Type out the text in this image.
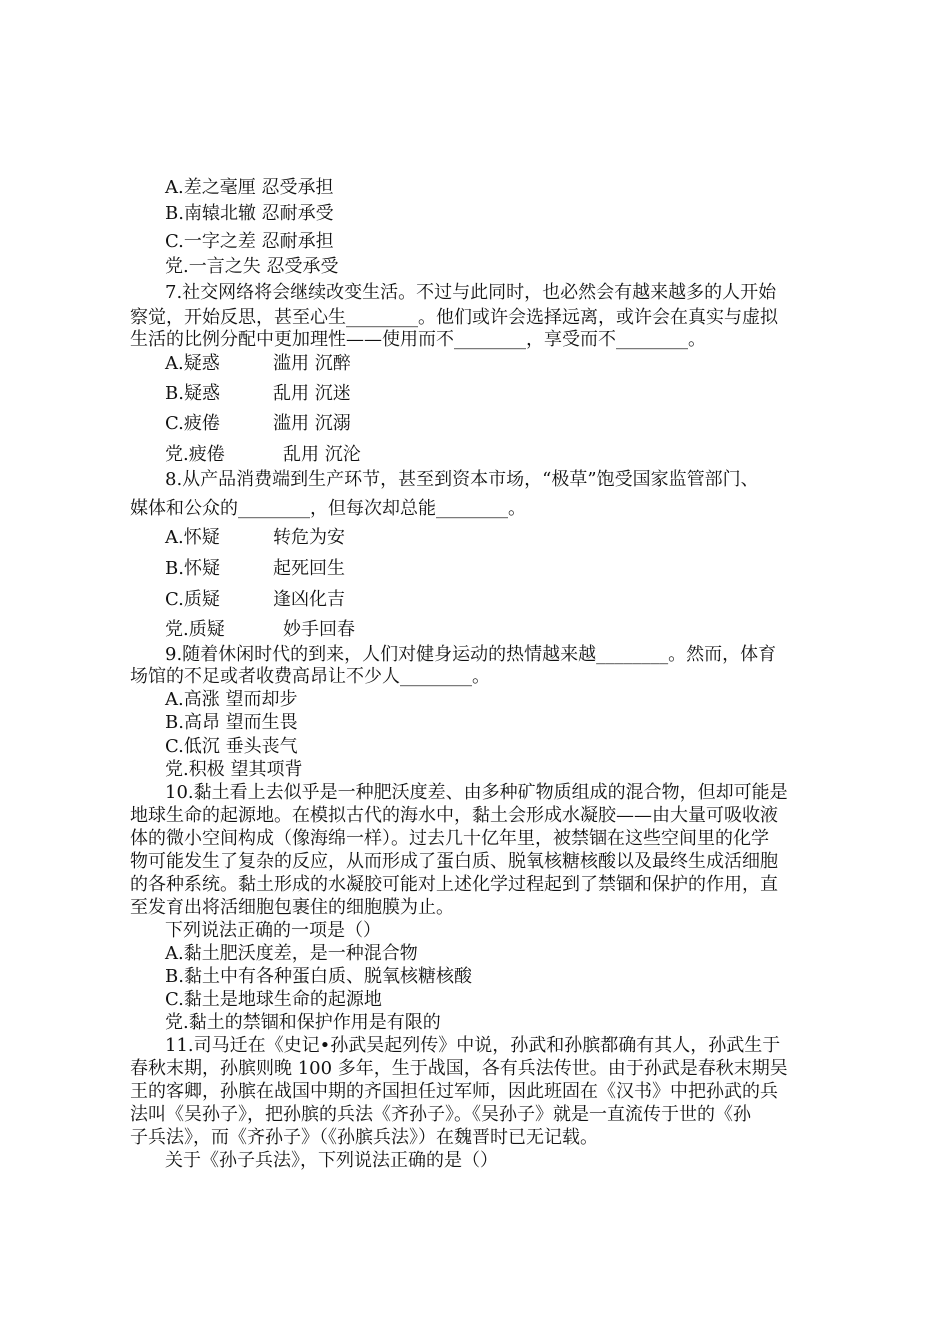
A.差之毫厘 忍受承担
B.南辕北辙 忍耐承受
C.一字之差 忍耐承担
党.一言之失 忍受承受
7.社交网络将会继续改变生活。不过与此同时，也必然会有越来越多的人开始
察觉，开始反思，甚至心生________。他们或许会选择远离，或许会在真实与虚拟
生活的比例分配中更加理性——使用而不________，享受而不________。
A.疑惑	滥用 沉醉
B.疑惑	乱用 沉迷
C.疲倦	滥用 沉溺
党.疲倦	乱用 沉沦
8.从产品消费端到生产环节，甚至到资本市场，“极草”饱受国家监管部门、
媒体和公众的________，但每次却总能________。
A.怀疑	转危为安
B.怀疑	起死回生
C.质疑	逢凶化吉
党.质疑	妙手回春
9.随着休闲时代的到来，人们对健身运动的热情越来越________。然而，体育
场馆的不足或者收费高昂让不少人________。
A.高涨 望而却步
B.高昂 望而生畏
C.低沉 垂头丧气
党.积极 望其项背
10.黏土看上去似乎是一种肥沃度差、由多种矿物质组成的混合物，但却可能是
地球生命的起源地。在模拟古代的海水中，黏土会形成水凝胶——由大量可吸收液
体的微小空间构成（像海绵一样）。过去几十亿年里，被禁锢在这些空间里的化学
物可能发生了复杂的反应，从而形成了蛋白质、脱氧核糖核酸以及最终生成活细胞
的各种系统。黏土形成的水凝胶可能对上述化学过程起到了禁锢和保护的作用，直
至发育出将活细胞包裹住的细胞膜为止。
下列说法正确的一项是（）
A.黏土肥沃度差，是一种混合物
B.黏土中有各种蛋白质、脱氧核糖核酸
C.黏土是地球生命的起源地
党.黏土的禁锢和保护作用是有限的
11.司马迁在《史记•孙武吴起列传》中说，孙武和孙膑都确有其人，孙武生于
春秋末期，孙膑则晚 100 多年，生于战国，各有兵法传世。由于孙武是春秋末期吴
王的客卿，孙膑在战国中期的齐国担任过军师，因此班固在《汉书》中把孙武的兵
法叫《吴孙子》，把孙膑的兵法《齐孙子》。《吴孙子》就是一直流传于世的《孙
子兵法》，而《齐孙子》（《孙膑兵法》）在魏晋时已无记载。
关于《孙子兵法》，下列说法正确的是（）
